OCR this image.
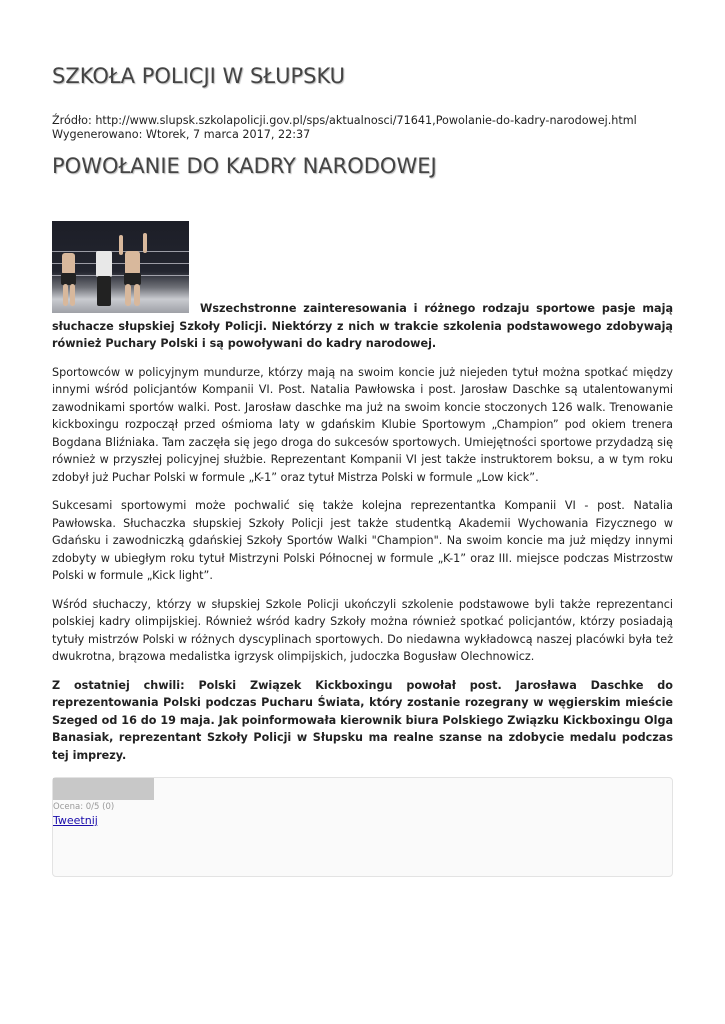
SZKOŁA POLICJI W SŁUPSKU
Źródło: http://www.slupsk.szkolapolicji.gov.pl/sps/aktualnosci/71641,Powolanie-do-kadry-narodowej.html
Wygenerowano: Wtorek, 7 marca 2017, 22:37
POWOŁANIE DO KADRY NARODOWEJ

Wszechstronne zainteresowania i różnego rodzaju sportowe pasje mają słuchacze słupskiej Szkoły Policji. Niektórzy z nich w trakcie szkolenia podstawowego zdobywają również Puchary Polski i są powoływani do kadry narodowej.

Sportowców w policyjnym mundurze, którzy mają na swoim koncie już niejeden tytuł można spotkać między innymi wśród policjantów Kompanii VI. Post. Natalia Pawłowska i post. Jarosław Daschke są utalentowanymi zawodnikami sportów walki. Post. Jarosław daschke ma już na swoim koncie stoczonych 126 walk. Trenowanie kickboxingu rozpoczął przed ośmioma laty w gdańskim Klubie Sportowym „Champion” pod okiem trenera Bogdana Bliźniaka. Tam zaczęła się jego droga do sukcesów sportowych. Umiejętności sportowe przydadzą się również w przyszłej policyjnej służbie. Reprezentant Kompanii VI jest także instruktorem boksu, a w tym roku zdobył już Puchar Polski w formule „K-1” oraz tytuł Mistrza Polski w formule „Low kick”.

Sukcesami sportowymi może pochwalić się także kolejna reprezentantka Kompanii VI - post. Natalia Pawłowska. Słuchaczka słupskiej Szkoły Policji jest także studentką Akademii Wychowania Fizycznego w Gdańsku i zawodniczką gdańskiej Szkoły Sportów Walki "Champion". Na swoim koncie ma już między innymi zdobyty w ubiegłym roku tytuł Mistrzyni Polski Północnej w formule „K-1” oraz III. miejsce podczas Mistrzostw Polski w formule „Kick light”.

Wśród słuchaczy, którzy w słupskiej Szkole Policji ukończyli szkolenie podstawowe byli także reprezentanci polskiej kadry olimpijskiej. Również wśród kadry Szkoły można również spotkać policjantów, którzy posiadają tytuły mistrzów Polski w różnych dyscyplinach sportowych. Do niedawna wykładowcą naszej placówki była też dwukrotna, brązowa medalistka igrzysk olimpijskich, judoczka Bogusław Olechnowicz.

Z ostatniej chwili: Polski Związek Kickboxingu powołał post. Jarosława Daschke do reprezentowania Polski podczas Pucharu Świata, który zostanie rozegrany w węgierskim mieście Szeged od 16 do 19 maja. Jak poinformowała kierownik biura Polskiego Związku Kickboxingu Olga Banasiak, reprezentant Szkoły Policji w Słupsku ma realne szanse na zdobycie medalu podczas tej imprezy.

Ocena: 0/5 (0)
Tweetnij
